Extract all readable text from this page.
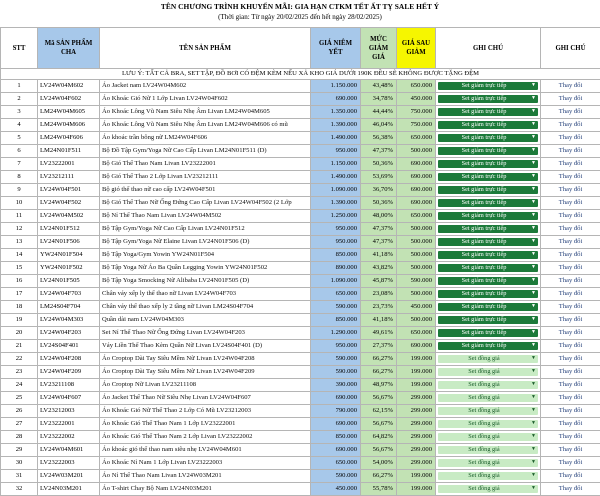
TÊN CHƯƠNG TRÌNH KHUYẾN MÃI: GIA HẠN CTKM TẾT ẤT TỴ SALE HẾT Ý
(Thời gian: Từ ngày 20/02/2025 đến hết ngày 28/02/2025)
STT	Mã SẢN PHẨM CHA	TÊN SẢN PHẨM	GIÁ NIÊM YẾT	MỨC GIẢM GIÁ	GIÁ SAU GIẢM	GHI CHÚ	GHI CHÚ
LƯU Ý: TẤT CẢ BRA, SET TẬP, ĐỒ BƠI CÓ ĐỆM KÈM NẾU XẢ KHO GIÁ DƯỚI 190K ĐỀU SẼ KHÔNG ĐƯỢC TẶNG ĐỆM							
1	LV24W04M602	Áo Jacket nam LV24W04M602	1.150.000	43,48%	650.000	Set giảm trực tiếp ▼	Thay đổi
2	LV24W04F602	Áo Khoác Gió Nữ 1 Lớp Livan LV24W04F602	690.000	34,78%	450.000	Set giảm trực tiếp ▼	Thay đổi
3	LM24W04M605	Áo Khoác Lông Vũ Nam Siêu Nhẹ Âm Livan LM24W04M605	1.350.000	44,44%	750.000	Set giảm trực tiếp ▼	Thay đổi
4	LM24W04M606	Áo Khoác Lông Vũ Nam Siêu Nhẹ Âm Livan LM24W04M606 có mũ	1.390.000	46,04%	750.000	Set giảm trực tiếp ▼	Thay đổi
5	LM24W04F606	Áo khoác trần bông nữ LM24W04F606	1.490.000	56,38%	650.000	Set giảm trực tiếp ▼	Thay đổi
6	LM24N01F511	Bộ Đồ Tập Gym/Yoga Nữ Cao Cấp Livan LM24N01F511 (D)	950.000	47,37%	500.000	Set giảm trực tiếp ▼	Thay đổi
7	LV23222001	Bộ Gió Thể Thao Nam Livan LV23222001	1.150.000	50,36%	690.000	Set giảm trực tiếp ▼	Thay đổi
8	LV23212111	Bộ Gió Thể Thao 2 Lớp Livan LV23212111	1.490.000	53,69%	690.000	Set giảm trực tiếp ▼	Thay đổi
9	LV24W04F501	Bộ gió thể thao nữ cao cấp LV24W04F501	1.090.000	36,70%	690.000	Set giảm trực tiếp ▼	Thay đổi
10	LV24W04F502	Bộ Gió Thể Thao Nữ Ống Đứng Cao Cấp Livan LV24W04F502 (2 Lớp	1.390.000	50,36%	690.000	Set giảm trực tiếp ▼	Thay đổi
11	LV24W04M502	Bộ Nỉ Thể Thao Nam Livan LV24W04M502	1.250.000	48,00%	650.000	Set giảm trực tiếp ▼	Thay đổi
12	LV24N01F512	Bộ Tập Gym/Yoga Nữ Cao Cấp Livan LV24N01F512	950.000	47,37%	500.000	Set giảm trực tiếp ▼	Thay đổi
13	LV24N01F506	Bộ Tập Gym/Yoga Nữ Elaine Livan LV24N01F506 (D)	950.000	47,37%	500.000	Set giảm trực tiếp ▼	Thay đổi
14	YW24N01F504	Bộ Tập Yoga/Gym Yowin YW24N01F504	850.000	41,18%	500.000	Set giảm trực tiếp ▼	Thay đổi
15	YW24N01F502	Bộ Tập Yoga Nữ Áo Ba Quần Legging Yowin YW24N01F502	890.000	43,82%	500.000	Set giảm trực tiếp ▼	Thay đổi
16	LV24N01F505	Bộ Tập Yoga Smocking Nữ Alibaba LV24N01F505 (D)	1.090.000	45,87%	590.000	Set giảm trực tiếp ▼	Thay đổi
17	LV24W04F703	Chân váy xếp ly thể thao nữ Livan LV24W04F703	650.000	23,08%	500.000	Set giảm trực tiếp ▼	Thay đổi
18	LM24S04F704	Chân váy thể thao xếp ly 2 tầng nữ Livan LM24S04F704	590.000	23,73%	450.000	Set giảm trực tiếp ▼	Thay đổi
19	LV24W04M303	Quần dài nam LV24W04M303	850.000	41,18%	500.000	Set giảm trực tiếp ▼	Thay đổi
20	LV24W04F203	Set Nỉ Thể Thao Nữ Ống Đứng Livan LV24W04F203	1.290.000	49,61%	650.000	Set giảm trực tiếp ▼	Thay đổi
21	LV24S04F401	Váy Liền Thể Thao Kèm Quần Nữ Livan LV24S04F401 (D)	950.000	27,37%	690.000	Set giảm trực tiếp ▼	Thay đổi
22	LV24W04F208	Áo Croptop Dài Tay Siêu Mềm Nữ Livan LV24W04F208	590.000	66,27%	199.000	Set đồng giá ▼	Thay đổi
23	LV24W04F209	Áo Croptop Dài Tay Siêu Mềm Nữ Livan LV24W04F209	590.000	66,27%	199.000	Set đồng giá ▼	Thay đổi
24	LV23211108	Áo Croptop Nữ Livan LV23211108	390.000	48,97%	199.000	Set đồng giá ▼	Thay đổi
25	LV24W04F607	Áo Jacket Thể Thao Nữ Siêu Nhẹ Livan LV24W04F607	690.000	56,67%	299.000	Set đồng giá ▼	Thay đổi
26	LV23212003	Áo Khoác Gió Nữ Thể Thao 2 Lớp Có Mũ LV23212003	790.000	62,15%	299.000	Set đồng giá ▼	Thay đổi
27	LV23222001	Áo Khoác Gió Thể Thao Nam 1 Lớp LV23222001	690.000	56,67%	299.000	Set đồng giá ▼	Thay đổi
28	LV23222002	Áo Khoác Gió Thể Thao Nam 2 Lớp Livan LV23222002	850.000	64,82%	299.000	Set đồng giá ▼	Thay đổi
29	LV24W04M601	Áo khoác gió thể thao nam siêu nhẹ LV24W04M601	690.000	56,67%	299.000	Set đồng giá ▼	Thay đổi
30	LV23222003	Áo Khoác Nỉ Nam 1 Lớp Livan LV23222003	650.000	54,00%	299.000	Set đồng giá ▼	Thay đổi
31	LV24W03M201	Áo Nỉ Thể Thao Nam Livan LV24W03M201	590.000	66,27%	199.000	Set đồng giá ▼	Thay đổi
32	LV24N03M201	Áo T-shirt Chay Bộ Nam LV24N03M201	450.000	55,78%	199.000	Set đồng giá ▼	Thay đổi
